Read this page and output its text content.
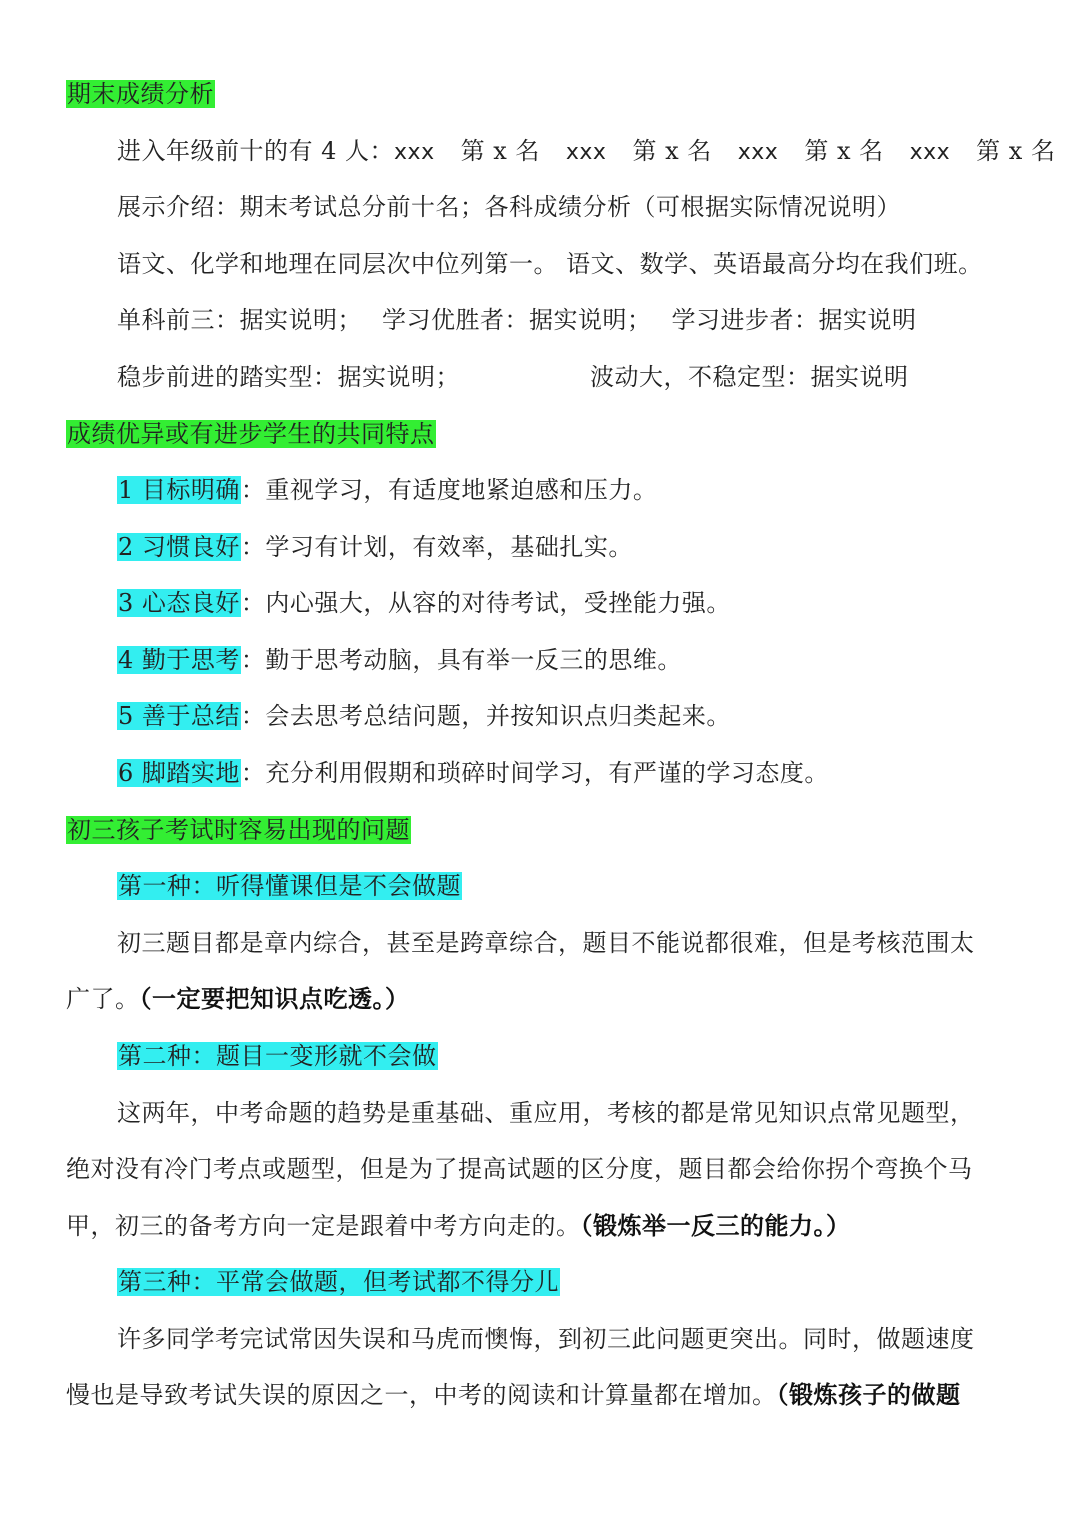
期末成绩分析
进入年级前十的有 4 人：xxx 第 x 名 xxx 第 x 名 xxx 第 x 名 xxx 第 x 名
展示介绍：期末考试总分前十名；各科成绩分析（可根据实际情况说明）
语文、化学和地理在同层次中位列第一。 语文、数学、英语最高分均在我们班。
单科前三：据实说明； 学习优胜者：据实说明； 学习进步者：据实说明
稳步前进的踏实型：据实说明；	波动大，不稳定型：据实说明
成绩优异或有进步学生的共同特点
1 目标明确：重视学习，有适度地紧迫感和压力。
2 习惯良好：学习有计划，有效率，基础扎实。
3 心态良好：内心强大，从容的对待考试，受挫能力强。
4 勤于思考：勤于思考动脑，具有举一反三的思维。
5 善于总结：会去思考总结问题，并按知识点归类起来。
6 脚踏实地：充分利用假期和琐碎时间学习，有严谨的学习态度。
初三孩子考试时容易出现的问题
第一种：听得懂课但是不会做题
初三题目都是章内综合，甚至是跨章综合，题目不能说都很难，但是考核范围太
广了。（一定要把知识点吃透。）
第二种：题目一变形就不会做
这两年，中考命题的趋势是重基础、重应用，考核的都是常见知识点常见题型，
绝对没有冷门考点或题型，但是为了提高试题的区分度，题目都会给你拐个弯换个马
甲，初三的备考方向一定是跟着中考方向走的。（锻炼举一反三的能力。）
第三种：平常会做题，但考试都不得分儿
许多同学考完试常因失误和马虎而懊悔，到初三此问题更突出。同时，做题速度
慢也是导致考试失误的原因之一，中考的阅读和计算量都在增加。（锻炼孩子的做题
